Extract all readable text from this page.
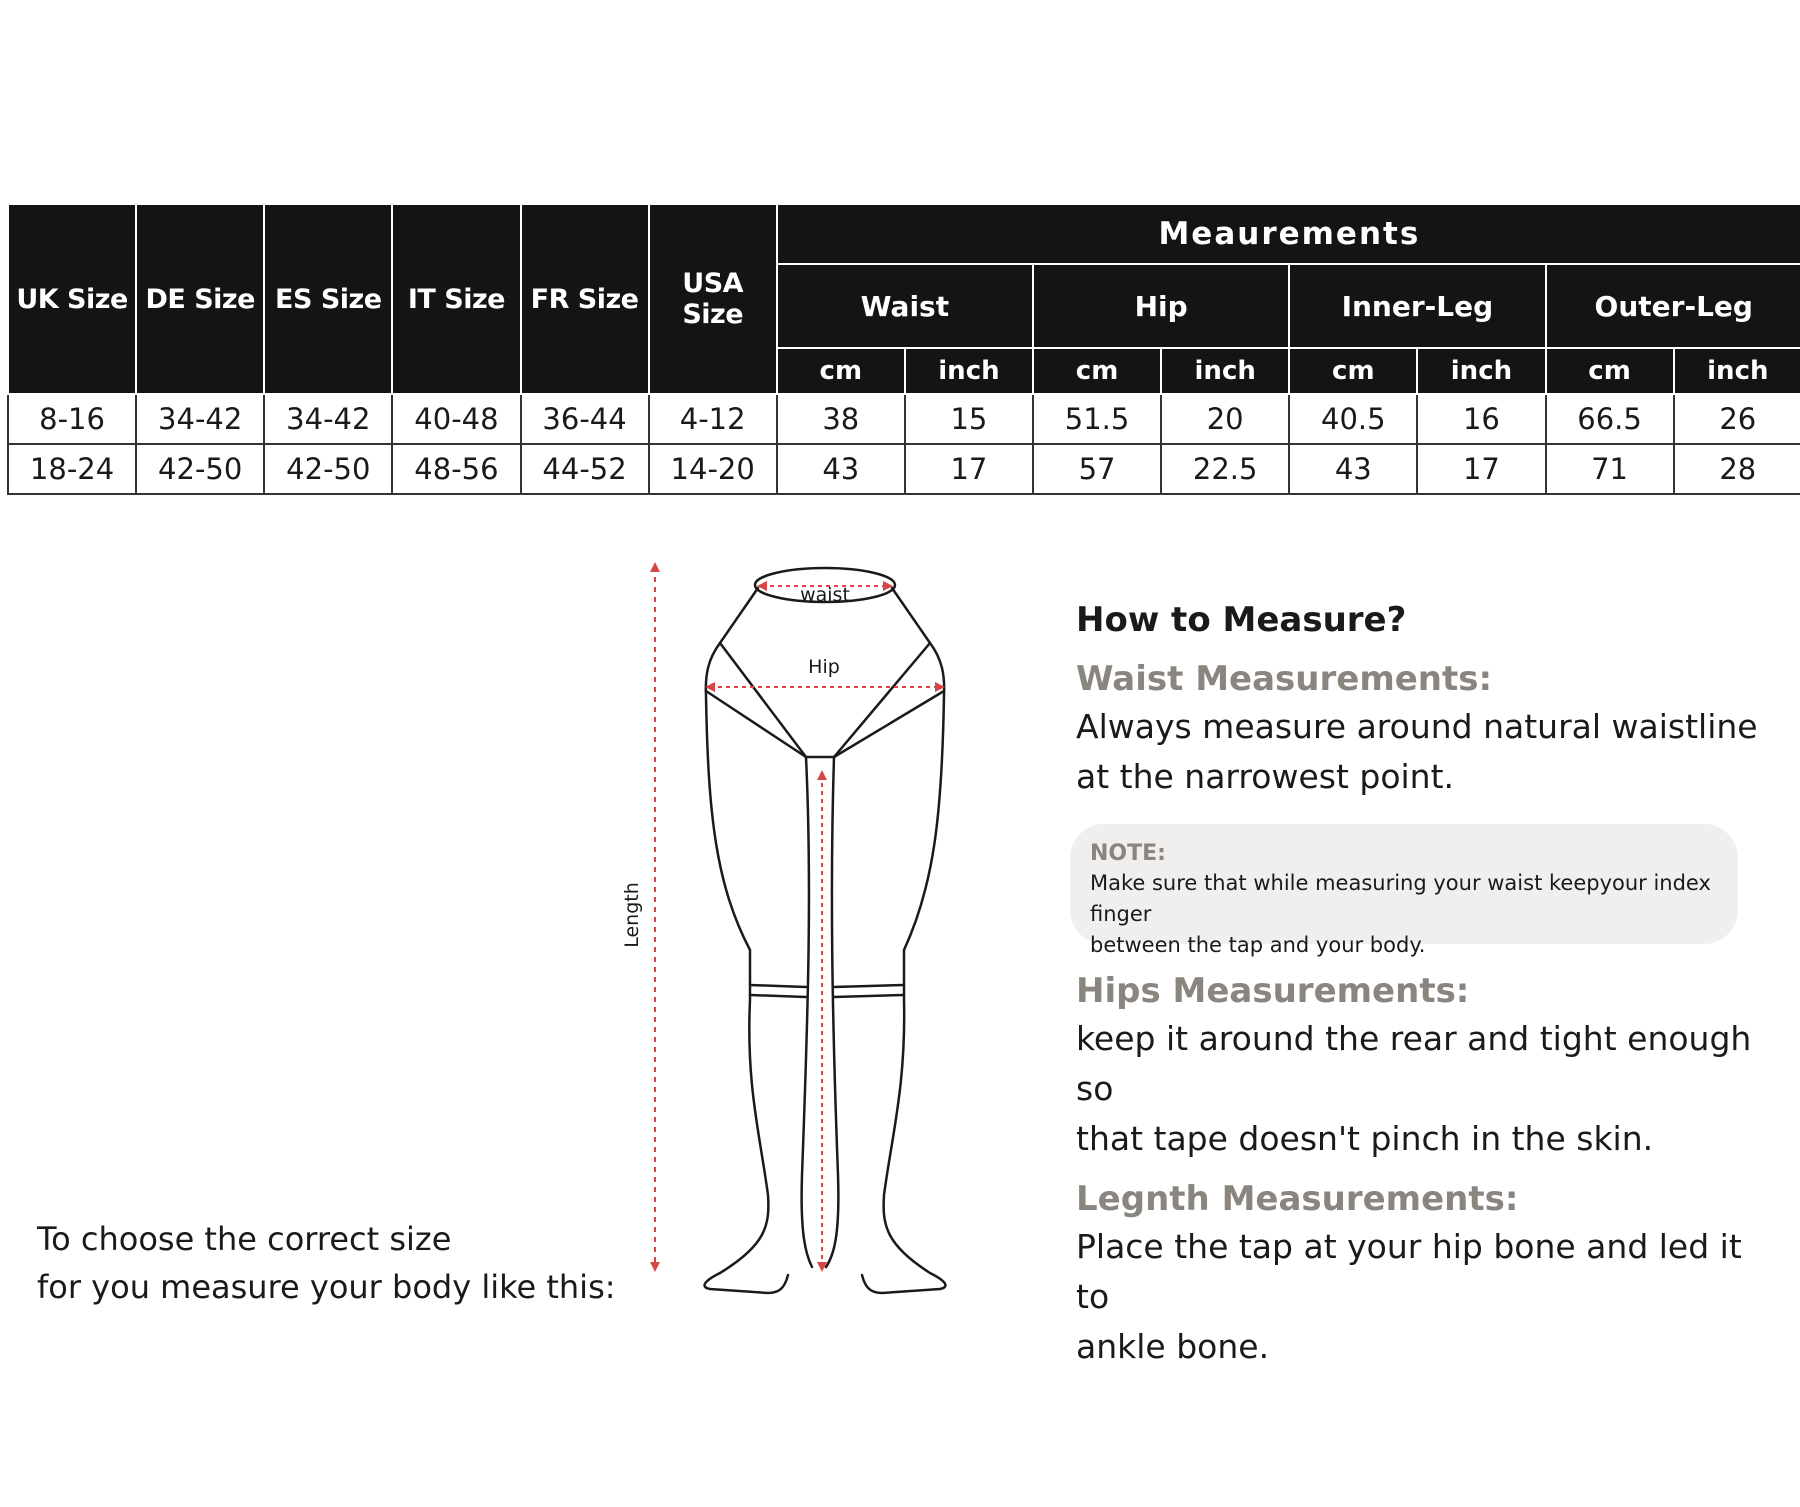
UK Size	DE Size	ES Size	IT Size	FR Size	USA Size	Meaurements							
						Waist		Hip		Inner-Leg		Outer-Leg	
						cm	inch	cm	inch	cm	inch	cm	inch
8-16	34-42	34-42	40-48	36-44	4-12	38	15	51.5	20	40.5	16	66.5	26
18-24	42-50	42-50	48-56	44-52	14-20	43	17	57	22.5	43	17	71	28
To choose the correct size
for you measure your body like this:
Length
waist
Hip
How to Measure?
Waist Measurements:
Always measure around natural waistline
at the narrowest point.
NOTE:
Make sure that while measuring your waist keepyour index finger
between the tap and your body.
Hips Measurements:
keep it around the rear and tight enough so
that tape doesn't pinch in the skin.
Legnth Measurements:
Place the tap at your hip bone and led it to
ankle bone.
